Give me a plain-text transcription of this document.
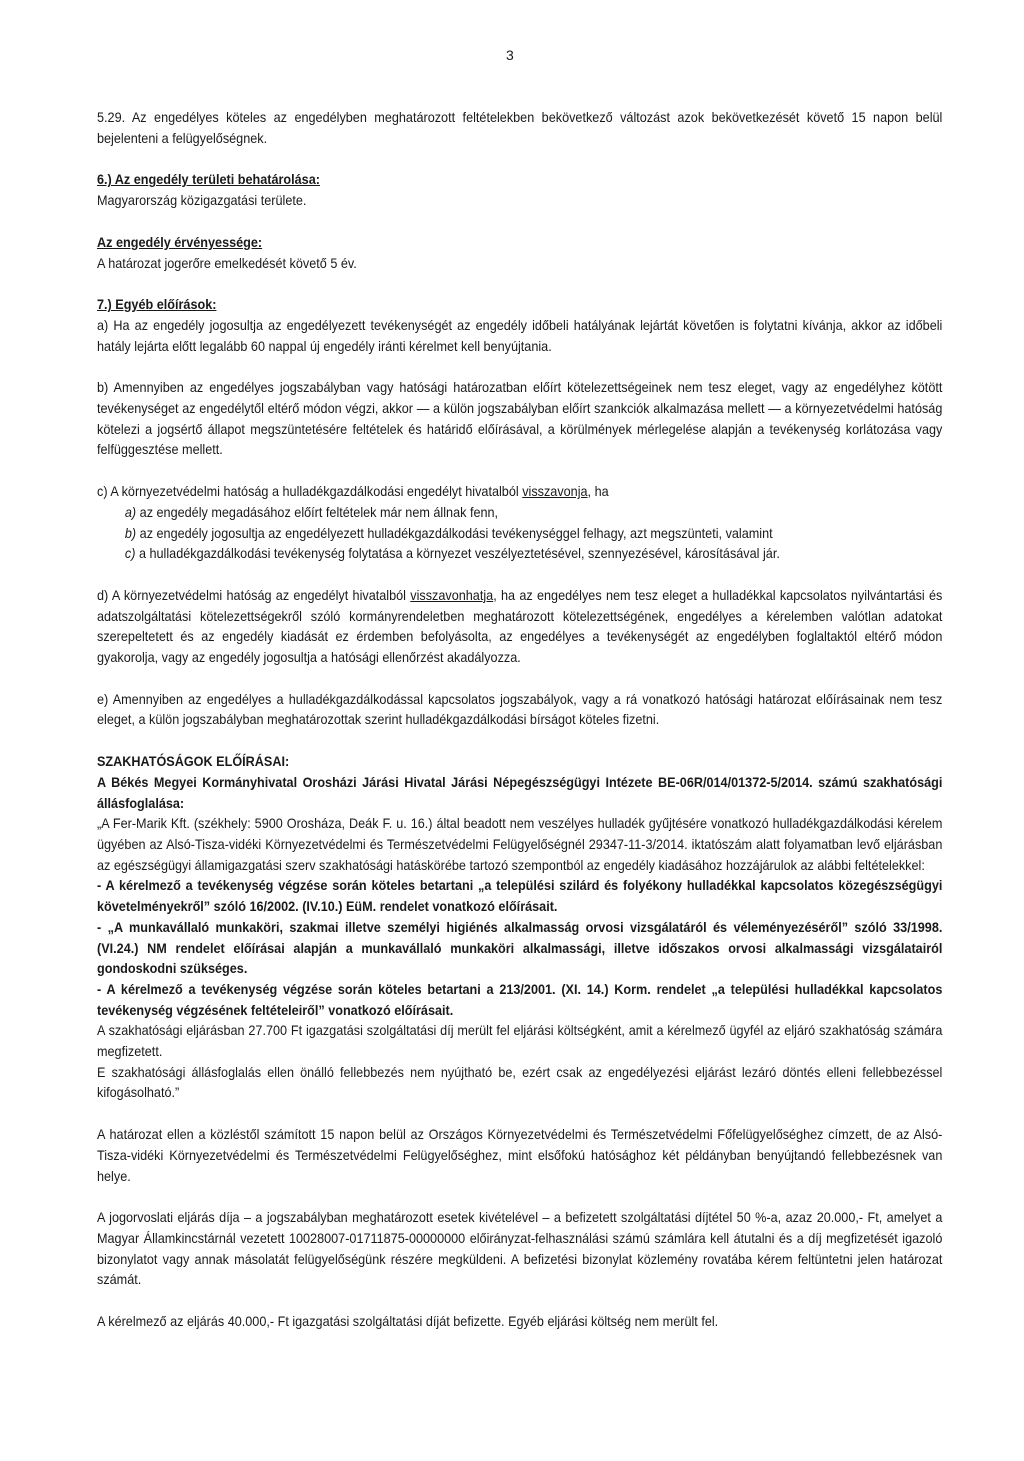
3

5.29. Az engedélyes köteles az engedélyben meghatározott feltételekben bekövetkező változást azok bekövetkezését követő 15 napon belül bejelenteni a felügyelőségnek.

6.) Az engedély területi behatárolása:

Magyarország közigazgatási területe.

Az engedély érvényessége:

A határozat jogerőre emelkedését követő 5 év.

7.) Egyéb előírások:

a) Ha az engedély jogosultja az engedélyezett tevékenységét az engedély időbeli hatályának lejártát követően is folytatni kívánja, akkor az időbeli hatály lejárta előtt legalább 60 nappal új engedély iránti kérelmet kell benyújtania.

b) Amennyiben az engedélyes jogszabályban vagy hatósági határozatban előírt kötelezettségeinek nem tesz eleget, vagy az engedélyhez kötött tevékenységet az engedélytől eltérő módon végzi, akkor — a külön jogszabályban előírt szankciók alkalmazása mellett — a környezetvédelmi hatóság kötelezi a jogsértő állapot megszüntetésére feltételek és határidő előírásával, a körülmények mérlegelése alapján a tevékenység korlátozása vagy felfüggesztése mellett.

c) A környezetvédelmi hatóság a hulladékgazdálkodási engedélyt hivatalból visszavonja, ha

a) az engedély megadásához előírt feltételek már nem állnak fenn,

b) az engedély jogosultja az engedélyezett hulladékgazdálkodási tevékenységgel felhagy, azt megszünteti, valamint

c) a hulladékgazdálkodási tevékenység folytatása a környezet veszélyeztetésével, szennyezésével, károsításával jár.

d) A környezetvédelmi hatóság az engedélyt hivatalból visszavonhatja, ha az engedélyes nem tesz eleget a hulladékkal kapcsolatos nyilvántartási és adatszolgáltatási kötelezettségekről szóló kormányrendeletben meghatározott kötelezettségének, engedélyes a kérelemben valótlan adatokat szerepeltetett és az engedély kiadását ez érdemben befolyásolta, az engedélyes a tevékenységét az engedélyben foglaltaktól eltérő módon gyakorolja, vagy az engedély jogosultja a hatósági ellenőrzést akadályozza.

e) Amennyiben az engedélyes a hulladékgazdálkodással kapcsolatos jogszabályok, vagy a rá vonatkozó hatósági határozat előírásainak nem tesz eleget, a külön jogszabályban meghatározottak szerint hulladékgazdálkodási bírságot köteles fizetni.

SZAKHATÓSÁGOK ELŐÍRÁSAI:

A Békés Megyei Kormányhivatal Orosházi Járási Hivatal Járási Népegészségügyi Intézete BE-06R/014/01372-5/2014. számú szakhatósági állásfoglalása:

„A Fer-Marik Kft. (székhely: 5900 Orosháza, Deák F. u. 16.) által beadott nem veszélyes hulladék gyűjtésére vonatkozó hulladékgazdálkodási kérelem ügyében az Alsó-Tisza-vidéki Környezetvédelmi és Természetvédelmi Felügyelőségnél 29347-11-3/2014. iktatószám alatt folyamatban levő eljárásban az egészségügyi államigazgatási szerv szakhatósági hatáskörébe tartozó szempontból az engedély kiadásához hozzájárulok az alábbi feltételekkel:

- A kérelmező a tevékenység végzése során köteles betartani „a települési szilárd és folyékony hulladékkal kapcsolatos közegészségügyi követelményekről” szóló 16/2002. (IV.10.) EüM. rendelet vonatkozó előírásait.

- „A munkavállaló munkaköri, szakmai illetve személyi higiénés alkalmasság orvosi vizsgálatáról és véleményezéséről” szóló 33/1998. (VI.24.) NM rendelet előírásai alapján a munkavállaló munkaköri alkalmassági, illetve időszakos orvosi alkalmassági vizsgálatairól gondoskodni szükséges.

- A kérelmező a tevékenység végzése során köteles betartani a 213/2001. (XI. 14.) Korm. rendelet „a települési hulladékkal kapcsolatos tevékenység végzésének feltételeiről” vonatkozó előírásait.

A szakhatósági eljárásban 27.700 Ft igazgatási szolgáltatási díj merült fel eljárási költségként, amit a kérelmező ügyfél az eljáró szakhatóság számára megfizetett.

E szakhatósági állásfoglalás ellen önálló fellebbezés nem nyújtható be, ezért csak az engedélyezési eljárást lezáró döntés elleni fellebbezéssel kifogásolható.”

A határozat ellen a közléstől számított 15 napon belül az Országos Környezetvédelmi és Természetvédelmi Főfelügyelőséghez címzett, de az Alsó-Tisza-vidéki Környezetvédelmi és Természetvédelmi Felügyelőséghez, mint elsőfokú hatósághoz két példányban benyújtandó fellebbezésnek van helye.

A jogorvoslati eljárás díja – a jogszabályban meghatározott esetek kivételével – a befizetett szolgáltatási díjtétel 50 %-a, azaz 20.000,- Ft, amelyet a Magyar Államkincstárnál vezetett 10028007-01711875-00000000 előirányzat-felhasználási számú számlára kell átutalni és a díj megfizetését igazoló bizonylatot vagy annak másolatát felügyelőségünk részére megküldeni. A befizetési bizonylat közlemény rovatába kérem feltüntetni jelen határozat számát.

A kérelmező az eljárás 40.000,- Ft igazgatási szolgáltatási díját befizette. Egyéb eljárási költség nem merült fel.
